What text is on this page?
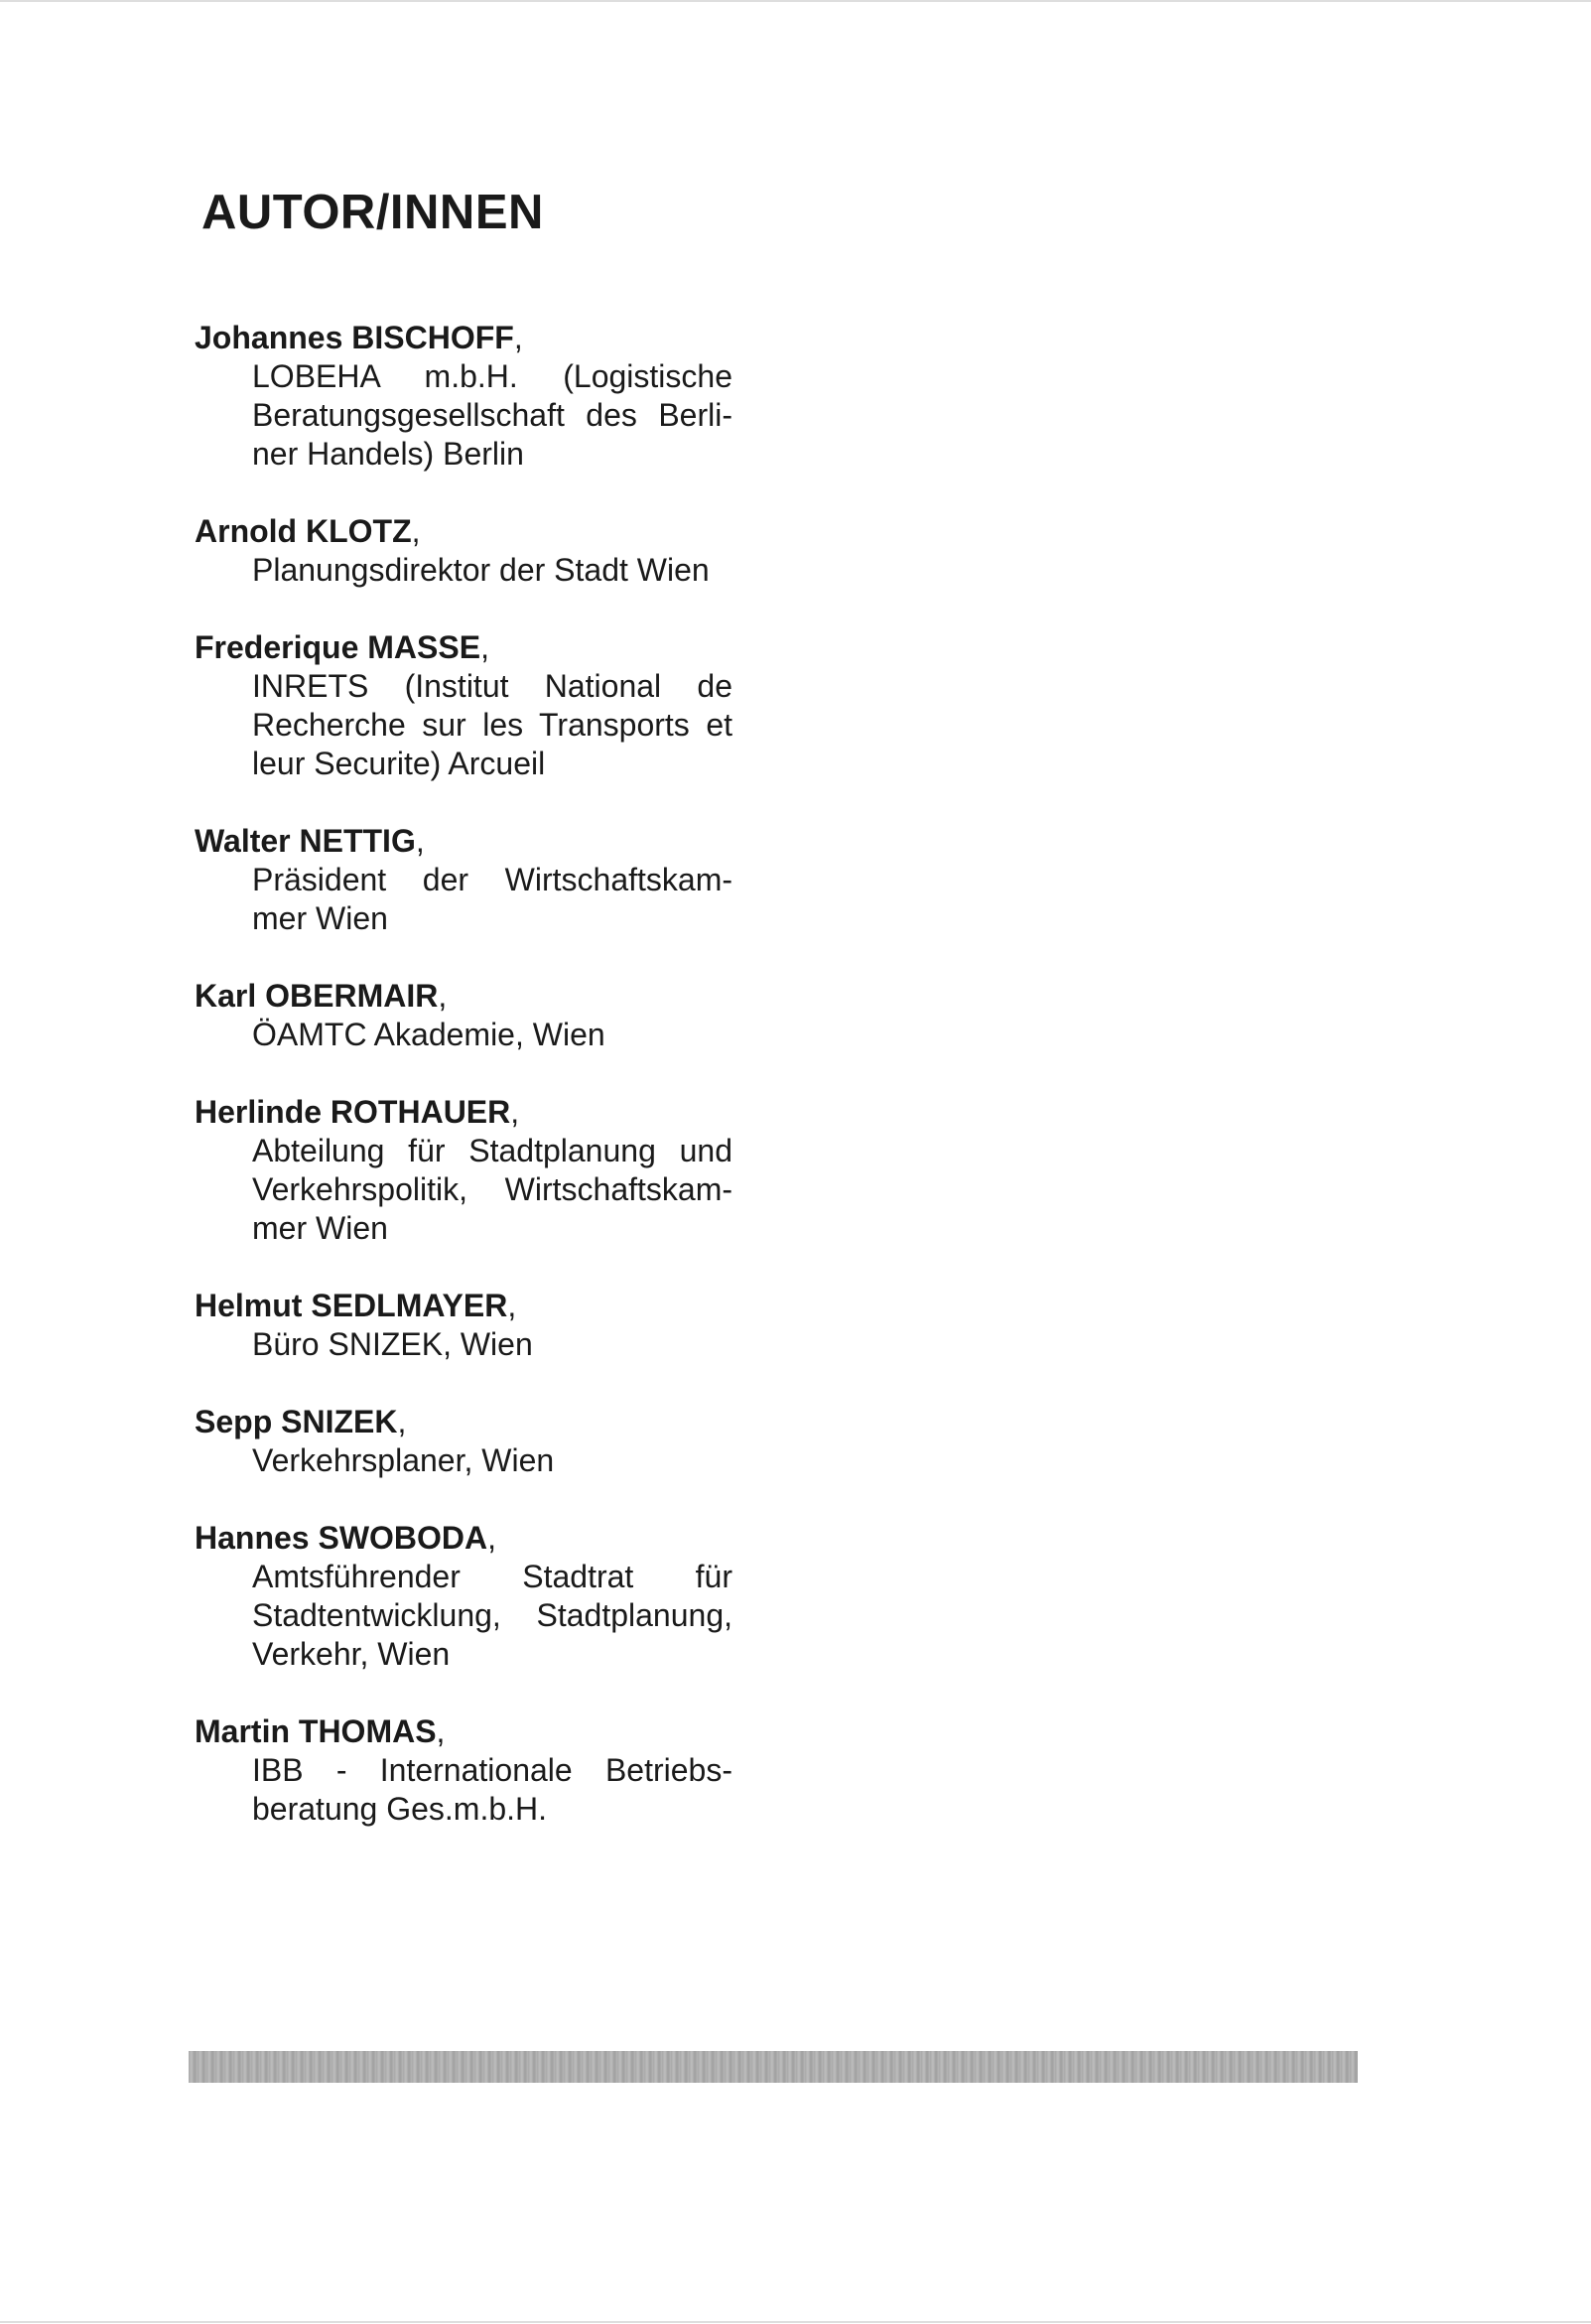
AUTOR/INNEN
Johannes BISCHOFF,
LOBEHA m.b.H. (Logistische
Beratungsgesellschaft des Berli-
ner Handels) Berlin
Arnold KLOTZ,
Planungsdirektor der Stadt Wien
Frederique MASSE,
INRETS (Institut National de
Recherche sur les Transports et
leur Securite) Arcueil
Walter NETTIG,
Präsident der Wirtschaftskam-
mer Wien
Karl OBERMAIR,
ÖAMTC Akademie, Wien
Herlinde ROTHAUER,
Abteilung für Stadtplanung und
Verkehrspolitik, Wirtschaftskam-
mer Wien
Helmut SEDLMAYER,
Büro SNIZEK, Wien
Sepp SNIZEK,
Verkehrsplaner, Wien
Hannes SWOBODA,
Amtsführender Stadtrat für
Stadtentwicklung, Stadtplanung,
Verkehr, Wien
Martin THOMAS,
IBB - Internationale Betriebs-
beratung Ges.m.b.H.
